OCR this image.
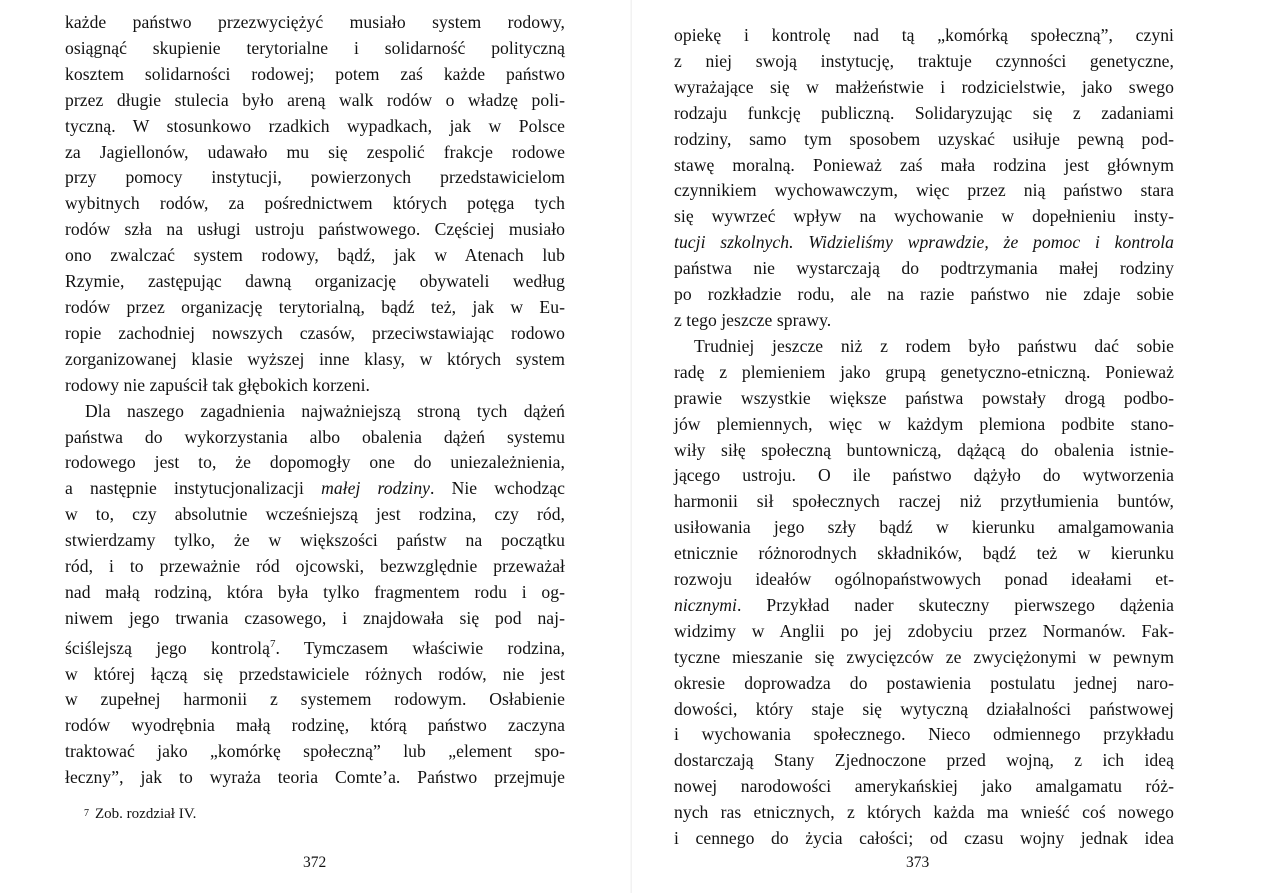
każde państwo przezwyciężyć musiało system rodowy,
osiągnąć skupienie terytorialne i solidarność polityczną
kosztem solidarności rodowej; potem zaś każde państwo
przez długie stulecia było areną walk rodów o władzę poli-
tyczną. W stosunkowo rzadkich wypadkach, jak w Polsce
za Jagiellonów, udawało mu się zespolić frakcje rodowe
przy pomocy instytucji, powierzonych przedstawicielom
wybitnych rodów, za pośrednictwem których potęga tych
rodów szła na usługi ustroju państwowego. Częściej musiało
ono zwalczać system rodowy, bądź, jak w Atenach lub
Rzymie, zastępując dawną organizację obywateli według
rodów przez organizację terytorialną, bądź też, jak w Eu-
ropie zachodniej nowszych czasów, przeciwstawiając rodowo
zorganizowanej klasie wyższej inne klasy, w których system
rodowy nie zapuścił tak głębokich korzeni.
Dla naszego zagadnienia najważniejszą stroną tych dążeń
państwa do wykorzystania albo obalenia dążeń systemu
rodowego jest to, że dopomogły one do uniezależnienia,
a następnie instytucjonalizacji małej rodziny. Nie wchodząc
w to, czy absolutnie wcześniejszą jest rodzina, czy ród,
stwierdzamy tylko, że w większości państw na początku
ród, i to przeważnie ród ojcowski, bezwzględnie przeważał
nad małą rodziną, która była tylko fragmentem rodu i og-
niwem jego trwania czasowego, i znajdowała się pod naj-
ściślejszą jego kontrolą$^7$. Tymczasem właściwie rodzina,
w której łączą się przedstawiciele różnych rodów, nie jest
w zupełnej harmonii z systemem rodowym. Osłabienie
rodów wyodrębnia małą rodzinę, którą państwo zaczyna
traktować jako „komórkę społeczną” lub „element spo-
łeczny”, jak to wyraża teoria Comte’a. Państwo przejmuje
$^7$ Zob. rozdział IV.
372
opiekę i kontrolę nad tą „komórką społeczną”, czyni
z niej swoją instytucję, traktuje czynności genetyczne,
wyrażające się w małżeństwie i rodzicielstwie, jako swego
rodzaju funkcję publiczną. Solidaryzując się z zadaniami
rodziny, samo tym sposobem uzyskać usiłuje pewną pod-
stawę moralną. Ponieważ zaś mała rodzina jest głównym
czynnikiem wychowawczym, więc przez nią państwo stara
się wywrzeć wpływ na wychowanie w dopełnieniu insty-
tucji szkolnych. Widzieliśmy wprawdzie, że pomoc i kontrola
państwa nie wystarczają do podtrzymania małej rodziny
po rozkładzie rodu, ale na razie państwo nie zdaje sobie
z tego jeszcze sprawy.
Trudniej jeszcze niż z rodem było państwu dać sobie
radę z plemieniem jako grupą genetyczno-etniczną. Ponieważ
prawie wszystkie większe państwa powstały drogą podbo-
jów plemiennych, więc w każdym plemiona podbite stano-
wiły siłę społeczną buntowniczą, dążącą do obalenia istnie-
jącego ustroju. O ile państwo dążyło do wytworzenia
harmonii sił społecznych raczej niż przytłumienia buntów,
usiłowania jego szły bądź w kierunku amalgamowania
etnicznie różnorodnych składników, bądź też w kierunku
rozwoju ideałów ogólnopaństwowych ponad ideałami et-
nicznymi. Przykład nader skuteczny pierwszego dążenia
widzimy w Anglii po jej zdobyciu przez Normanów. Fak-
tyczne mieszanie się zwycięzców ze zwyciężonymi w pewnym
okresie doprowadza do postawienia postulatu jednej naro-
dowości, który staje się wytyczną działalności państwowej
i wychowania społecznego. Nieco odmiennego przykładu
dostarczają Stany Zjednoczone przed wojną, z ich ideą
nowej narodowości amerykańskiej jako amalgamatu róż-
nych ras etnicznych, z których każda ma wnieść coś nowego
i cennego do życia całości; od czasu wojny jednak idea
373
